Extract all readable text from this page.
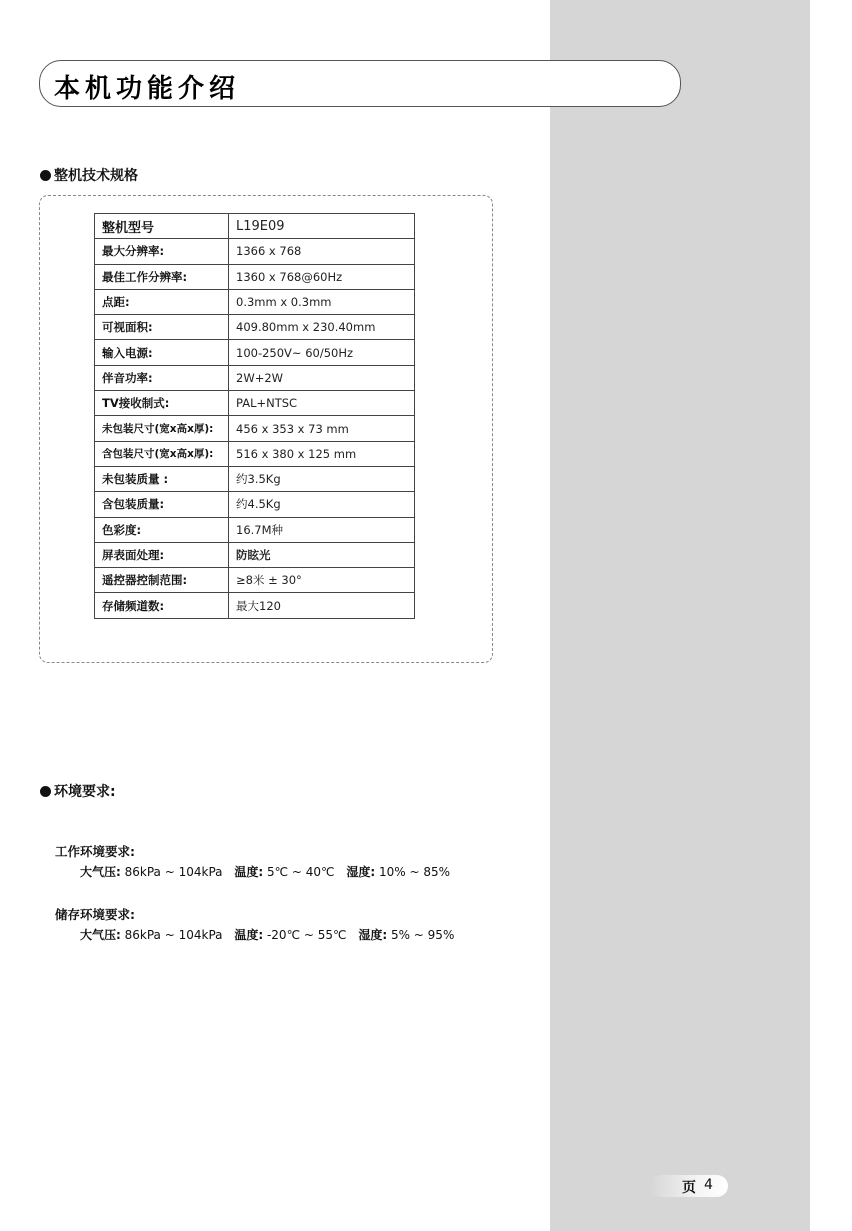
本机功能介绍
整机技术规格
整机型号	L19E09
最大分辨率:	1366 x 768
最佳工作分辨率:	1360 x 768@60Hz
点距:	0.3mm x 0.3mm
可视面积:	409.80mm x 230.40mm
输入电源:	100-250V~ 60/50Hz
伴音功率:	2W+2W
TV接收制式:	PAL+NTSC
未包装尺寸(宽x高x厚):	456 x 353 x 73 mm
含包装尺寸(宽x高x厚):	516 x 380 x 125 mm
未包装质量 :	约3.5Kg
含包装质量:	约4.5Kg
色彩度:	16.7M种
屏表面处理:	防眩光
遥控器控制范围:	≥8米 ± 30°
存储频道数:	最大120
环境要求:
工作环境要求:
大气压: 86kPa ~ 104kPa 温度: 5℃ ~ 40℃ 湿度: 10% ~ 85%
储存环境要求:
大气压: 86kPa ~ 104kPa 温度: -20℃ ~ 55℃ 湿度: 5% ~ 95%
页 4
